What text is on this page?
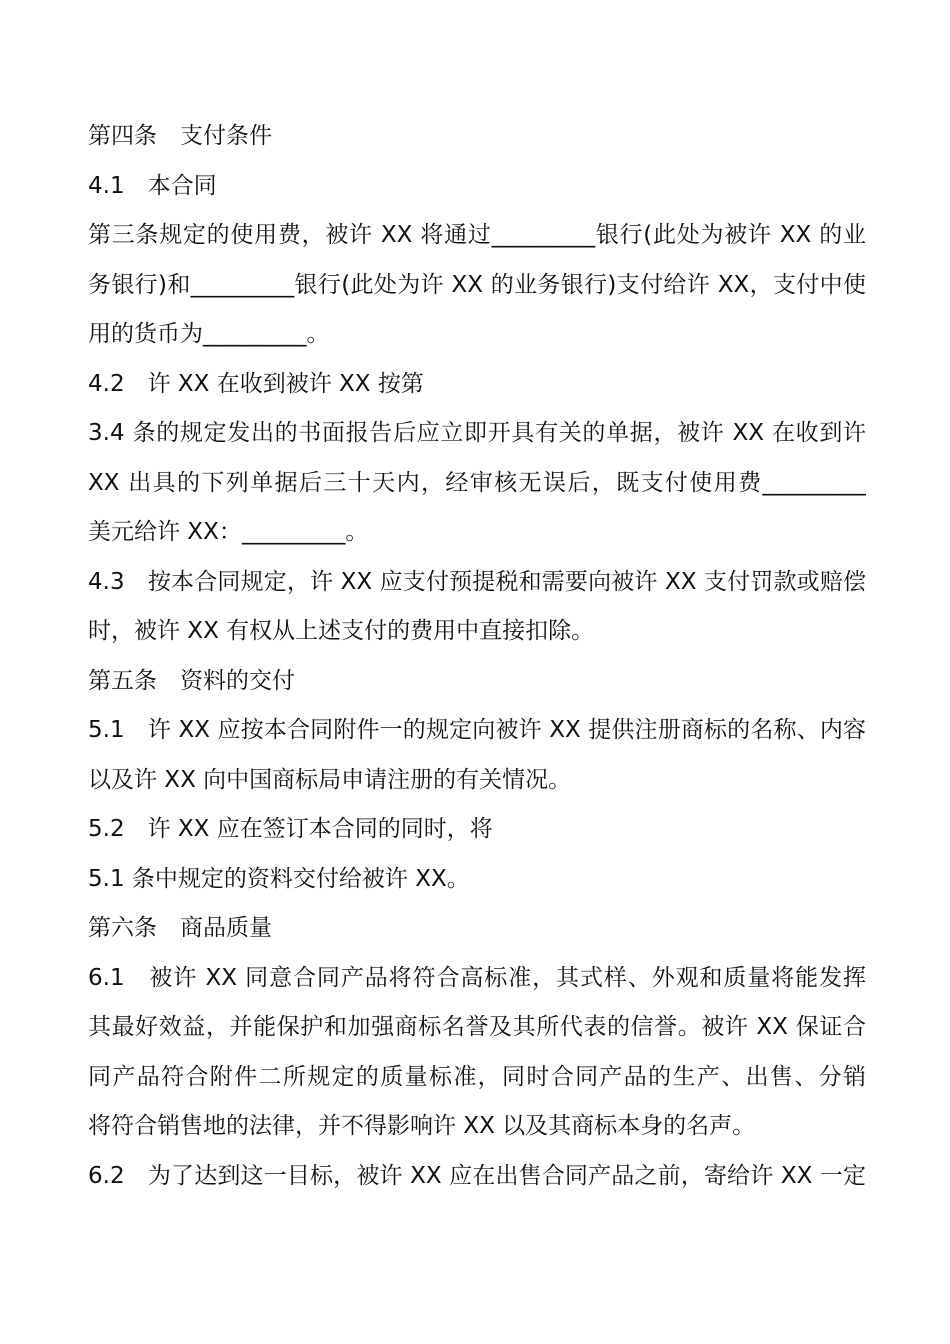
第四条　支付条件
4.1　本合同
第三条规定的使用费，被许 XX 将通过_________银行(此处为被许 XX 的业
务银行)和_________银行(此处为许 XX 的业务银行)支付给许 XX，支付中使
用的货币为_________。
4.2　许 XX 在收到被许 XX 按第
3.4 条的规定发出的书面报告后应立即开具有关的单据，被许 XX 在收到许
XX 出具的下列单据后三十天内，经审核无误后，既支付使用费_________
美元给许 XX：_________。
4.3　按本合同规定，许 XX 应支付预提税和需要向被许 XX 支付罚款或赔偿
时，被许 XX 有权从上述支付的费用中直接扣除。
第五条　资料的交付
5.1　许 XX 应按本合同附件一的规定向被许 XX 提供注册商标的名称、内容
以及许 XX 向中国商标局申请注册的有关情况。
5.2　许 XX 应在签订本合同的同时，将
5.1 条中规定的资料交付给被许 XX。
第六条　商品质量
6.1　被许 XX 同意合同产品将符合高标准，其式样、外观和质量将能发挥
其最好效益，并能保护和加强商标名誉及其所代表的信誉。被许 XX 保证合
同产品符合附件二所规定的质量标准，同时合同产品的生产、出售、分销
将符合销售地的法律，并不得影响许 XX 以及其商标本身的名声。
6.2　为了达到这一目标，被许 XX 应在出售合同产品之前，寄给许 XX 一定
